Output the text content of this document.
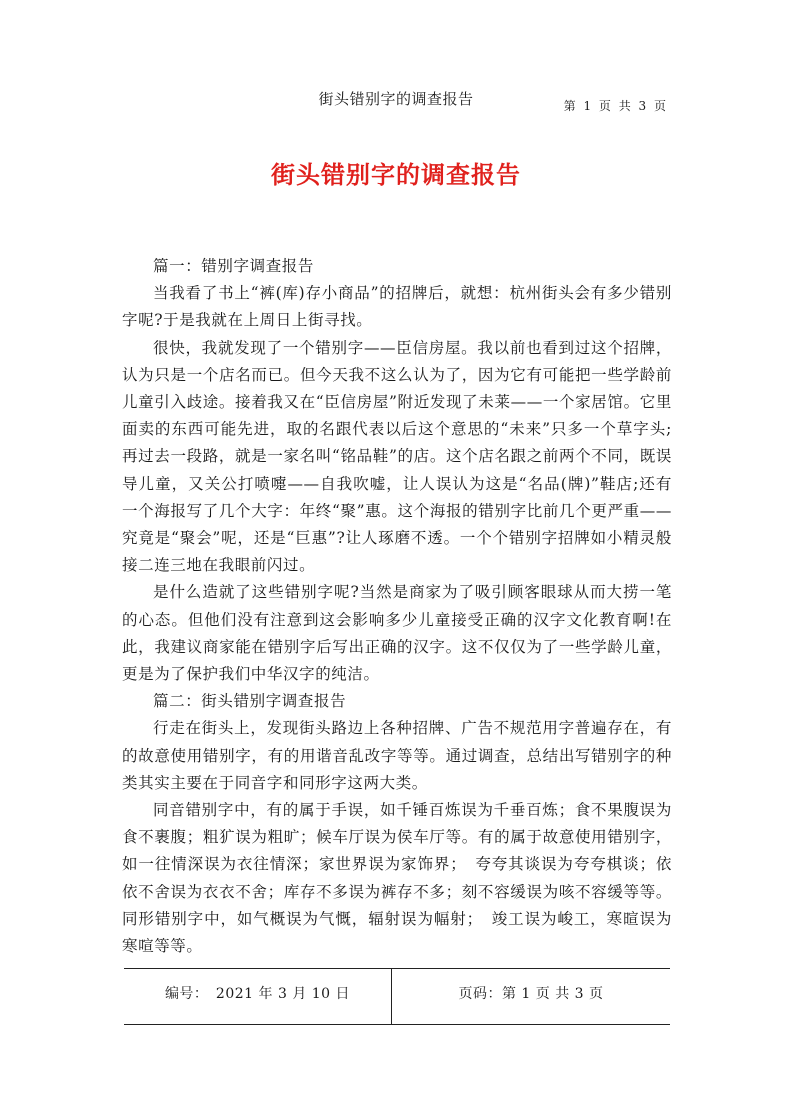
街头错别字的调查报告	第 1 页 共 3 页
街头错别字的调查报告

篇一：错别字调查报告

当我看了书上“裤(库)存小商品”的招牌后，就想：杭州街头会有多少错别字呢?于是我就在上周日上街寻找。

很快，我就发现了一个错别字——臣信房屋。我以前也看到过这个招牌，认为只是一个店名而已。但今天我不这么认为了，因为它有可能把一些学龄前儿童引入歧途。接着我又在“臣信房屋”附近发现了未莱——一个家居馆。它里面卖的东西可能先进，取的名跟代表以后这个意思的“未来”只多一个草字头;再过去一段路，就是一家名叫“铭品鞋”的店。这个店名跟之前两个不同，既误导儿童，又关公打喷嚏——自我吹嘘，让人误认为这是“名品(牌)”鞋店;还有一个海报写了几个大字：年终“聚”惠。这个海报的错别字比前几个更严重——究竟是“聚会”呢，还是“巨惠”?让人琢磨不透。一个个错别字招牌如小精灵般接二连三地在我眼前闪过。

是什么造就了这些错别字呢?当然是商家为了吸引顾客眼球从而大捞一笔的心态。但他们没有注意到这会影响多少儿童接受正确的汉字文化教育啊!在此，我建议商家能在错别字后写出正确的汉字。这不仅仅为了一些学龄儿童，更是为了保护我们中华汉字的纯洁。

篇二：街头错别字调查报告

行走在街头上，发现街头路边上各种招牌、广告不规范用字普遍存在，有的故意使用错别字，有的用谐音乱改字等等。通过调查，总结出写错别字的种类其实主要在于同音字和同形字这两大类。

同音错别字中，有的属于手误，如千锤百炼误为千垂百炼；食不果腹误为食不裹腹；粗犷误为粗旷；候车厅误为侯车厅等。有的属于故意使用错别字，如一往情深误为衣往情深；家世界误为家饰界；　夸夸其谈误为夸夸棋谈；依依不舍误为衣衣不舍；库存不多误为裤存不多；刻不容缓误为咳不容缓等等。同形错别字中，如气概误为气慨，辐射误为幅射；　竣工误为峻工，寒暄误为寒喧等等。

编号：　2021 年 3 月 10 日	页码：第 1 页 共 3 页
